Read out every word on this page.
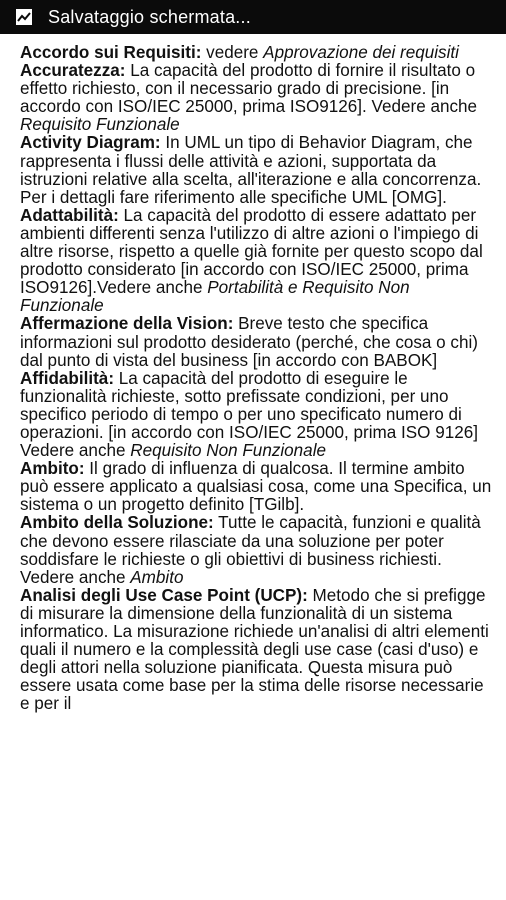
Salvataggio schermata...

Accordo sui Requisiti: vedere Approvazione dei requisiti

Accuratezza: La capacità del prodotto di fornire il risultato o effetto richiesto, con il necessario grado di precisione. [in accordo con ISO/IEC 25000, prima ISO9126]. Vedere anche Requisito Funzionale

Activity Diagram: In UML un tipo di Behavior Diagram, che rappresenta i flussi delle attività e azioni, supportata da istruzioni relative alla scelta, all'iterazione e alla concorrenza. Per i dettagli fare riferimento alle specifiche UML [OMG].

Adattabilità: La capacità del prodotto di essere adattato per ambienti differenti senza l'utilizzo di altre azioni o l'impiego di altre risorse, rispetto a quelle già fornite per questo scopo dal prodotto considerato [in accordo con ISO/IEC 25000, prima ISO9126].Vedere anche Portabilità e Requisito Non Funzionale

Affermazione della Vision: Breve testo che specifica informazioni sul prodotto desiderato (perché, che cosa o chi) dal punto di vista del business [in accordo con BABOK]

Affidabilità: La capacità del prodotto di eseguire le funzionalità richieste, sotto prefissate condizioni, per uno specifico periodo di tempo o per uno specificato numero di operazioni. [in accordo con ISO/IEC 25000, prima ISO 9126] Vedere anche Requisito Non Funzionale

Ambito: Il grado di influenza di qualcosa. Il termine ambito può essere applicato a qualsiasi cosa, come una Specifica, un sistema o un progetto definito [TGilb].

Ambito della Soluzione: Tutte le capacità, funzioni e qualità che devono essere rilasciate da una soluzione per poter soddisfare le richieste o gli obiettivi di business richiesti. Vedere anche Ambito

Analisi degli Use Case Point (UCP): Metodo che si prefigge di misurare la dimensione della funzionalità di un sistema informatico. La misurazione richiede un'analisi di altri elementi quali il numero e la complessità degli use case (casi d'uso) e degli attori nella soluzione pianificata. Questa misura può essere usata come base per la stima delle risorse necessarie e per il
